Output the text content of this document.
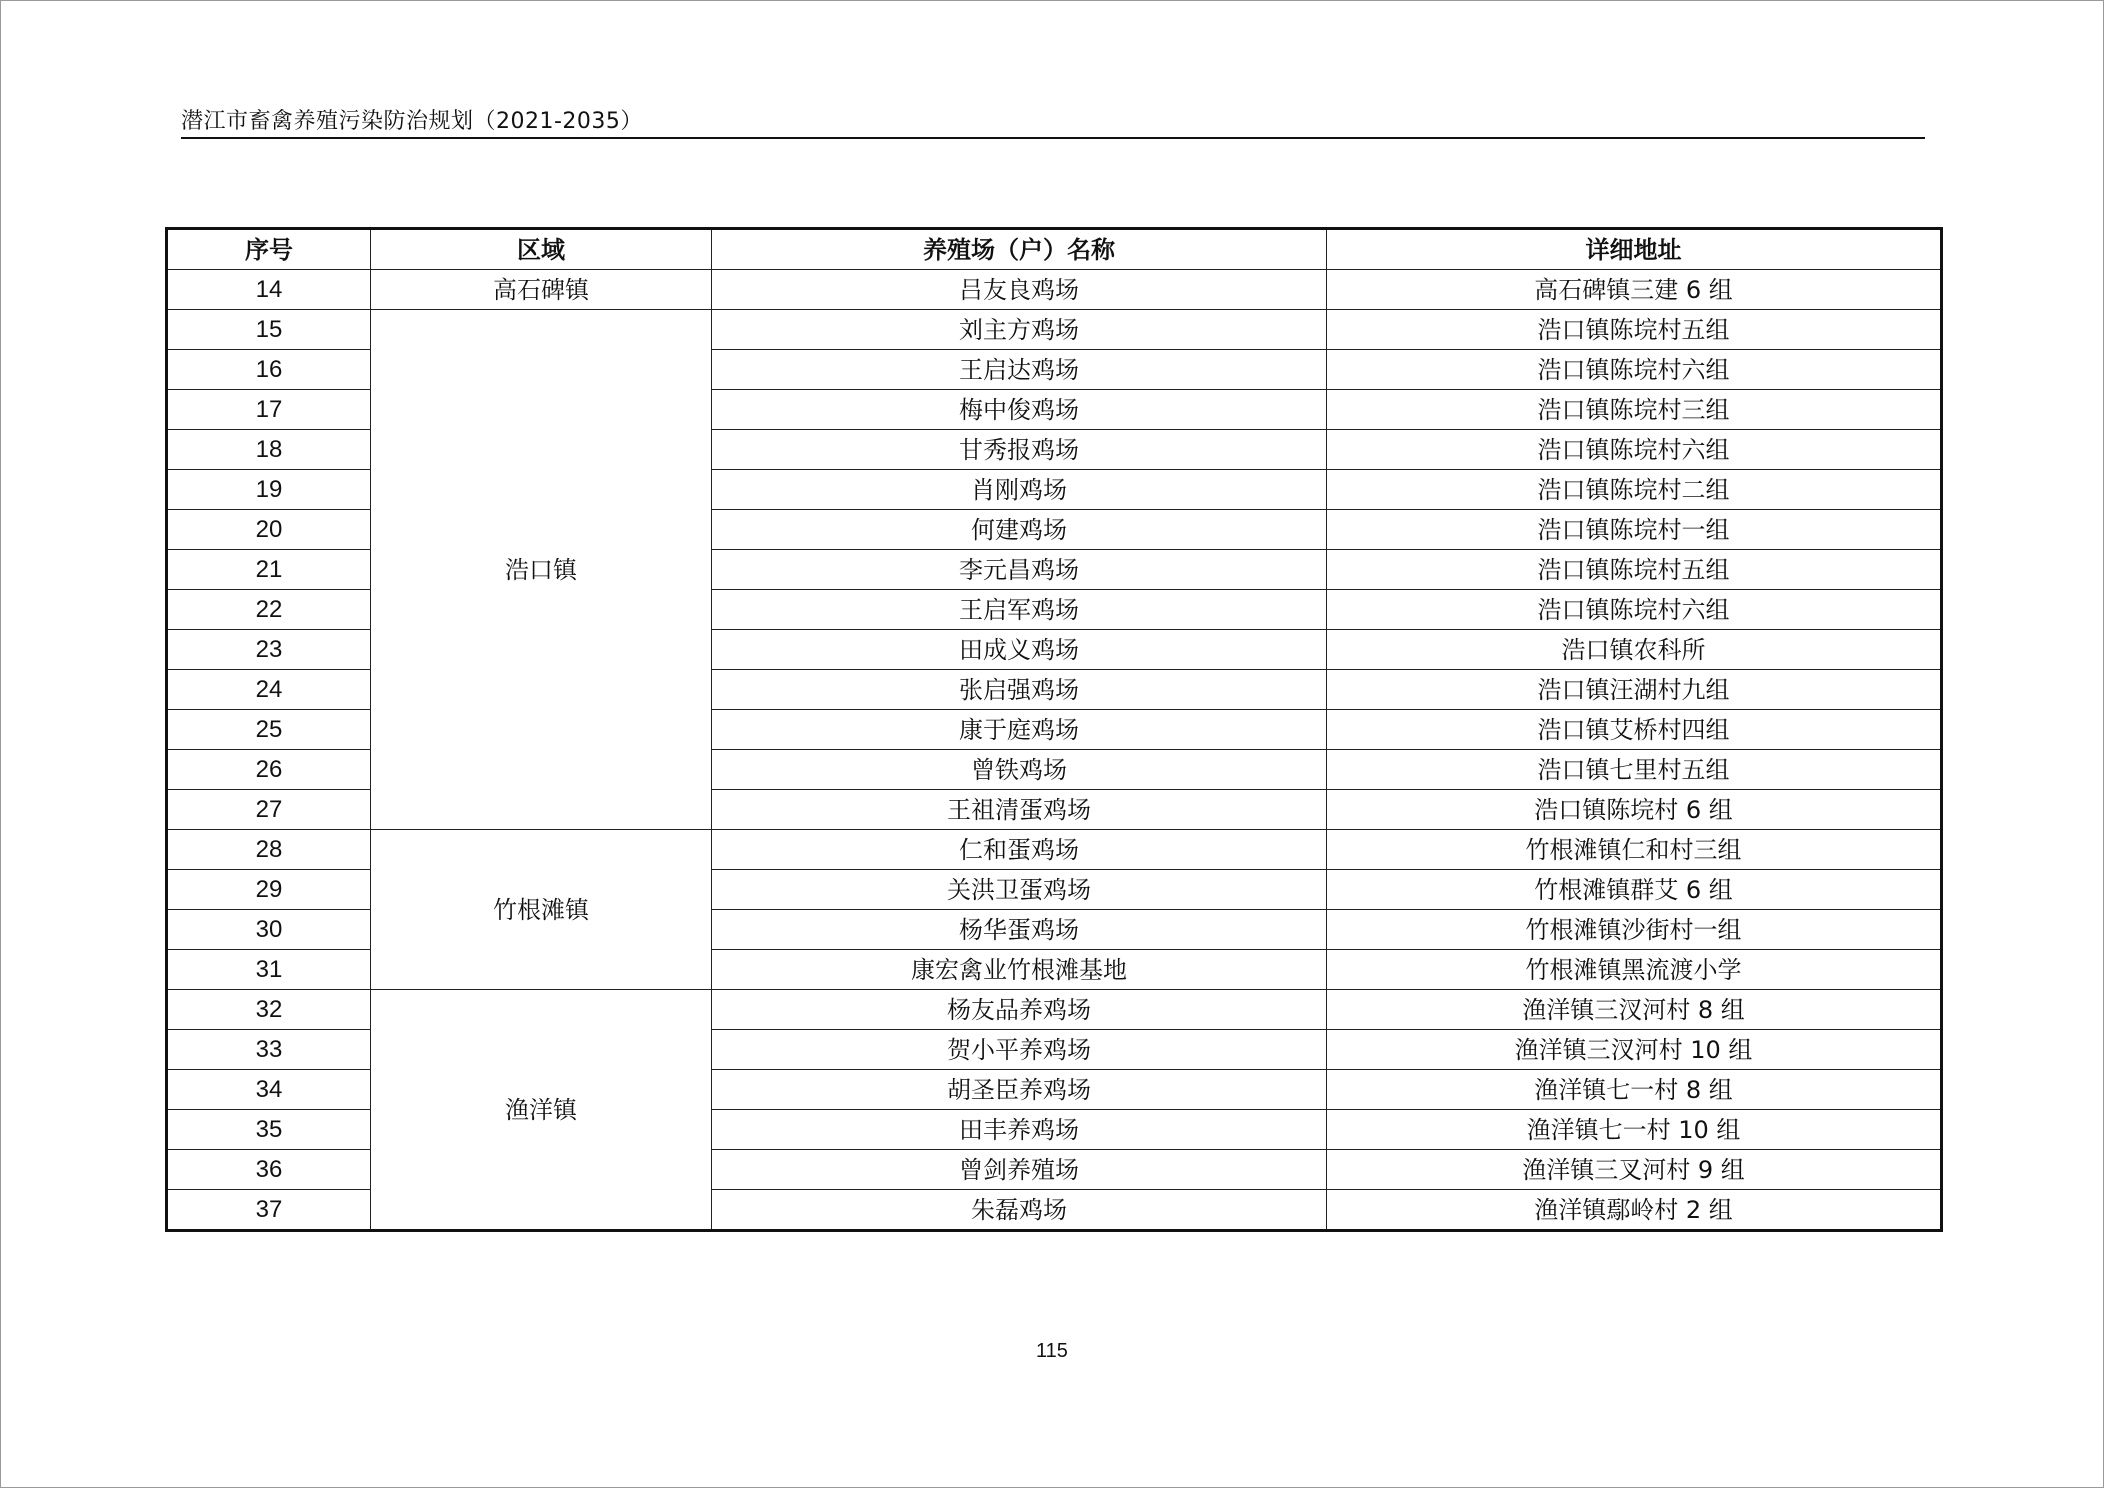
潜江市畜禽养殖污染防治规划（2021-2035）
序号	区域	养殖场（户）名称	详细地址
14	高石碑镇	吕友良鸡场	高石碑镇三建 6 组
15	浩口镇	刘主方鸡场	浩口镇陈垸村五组
16		王启达鸡场	浩口镇陈垸村六组
17		梅中俊鸡场	浩口镇陈垸村三组
18		甘秀报鸡场	浩口镇陈垸村六组
19		肖刚鸡场	浩口镇陈垸村二组
20		何建鸡场	浩口镇陈垸村一组
21		李元昌鸡场	浩口镇陈垸村五组
22		王启军鸡场	浩口镇陈垸村六组
23		田成义鸡场	浩口镇农科所
24		张启强鸡场	浩口镇汪湖村九组
25		康于庭鸡场	浩口镇艾桥村四组
26		曾铁鸡场	浩口镇七里村五组
27		王祖清蛋鸡场	浩口镇陈垸村 6 组
28	竹根滩镇	仁和蛋鸡场	竹根滩镇仁和村三组
29		关洪卫蛋鸡场	竹根滩镇群艾 6 组
30		杨华蛋鸡场	竹根滩镇沙街村一组
31		康宏禽业竹根滩基地	竹根滩镇黑流渡小学
32	渔洋镇	杨友品养鸡场	渔洋镇三汊河村 8 组
33		贺小平养鸡场	渔洋镇三汊河村 10 组
34		胡圣臣养鸡场	渔洋镇七一村 8 组
35		田丰养鸡场	渔洋镇七一村 10 组
36		曾剑养殖场	渔洋镇三叉河村 9 组
37		朱磊鸡场	渔洋镇鄢岭村 2 组
115
